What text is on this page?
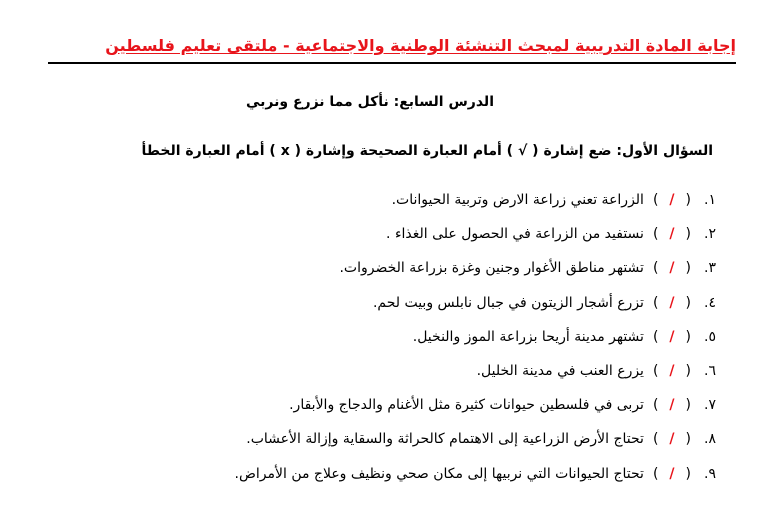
إجابة المادة التدريبية لمبحث التنشئة الوطنية والاجتماعية - ملتقى تعليم فلسطين
الدرس السابع: نأكل مما نزرع ونربي
السؤال الأول: ضع إشارة ( √ ) أمام العبارة الصحيحة وإشارة ( x ) أمام العبارة الخطأ
١.
(/)
الزراعة تعني زراعة الارض وتربية الحيوانات.
٢.
(/)
نستفيد من الزراعة في الحصول على الغذاء .
٣.
(/)
تشتهر مناطق الأغوار وجنين وغزة بزراعة الخضروات.
٤.
(/)
تزرع أشجار الزيتون في جبال نابلس وبيت لحم.
٥.
(/)
تشتهر مدينة أريحا بزراعة الموز والنخيل.
٦.
(/)
يزرع العنب في مدينة الخليل.
٧.
(/)
تربى في فلسطين حيوانات كثيرة مثل الأغنام والدجاج والأبقار.
٨.
(/)
تحتاج الأرض الزراعية إلى الاهتمام كالحراثة والسقاية وإزالة الأعشاب.
٩.
(/)
تحتاج الحيوانات التي نربيها إلى مكان صحي ونظيف وعلاج من الأمراض.
